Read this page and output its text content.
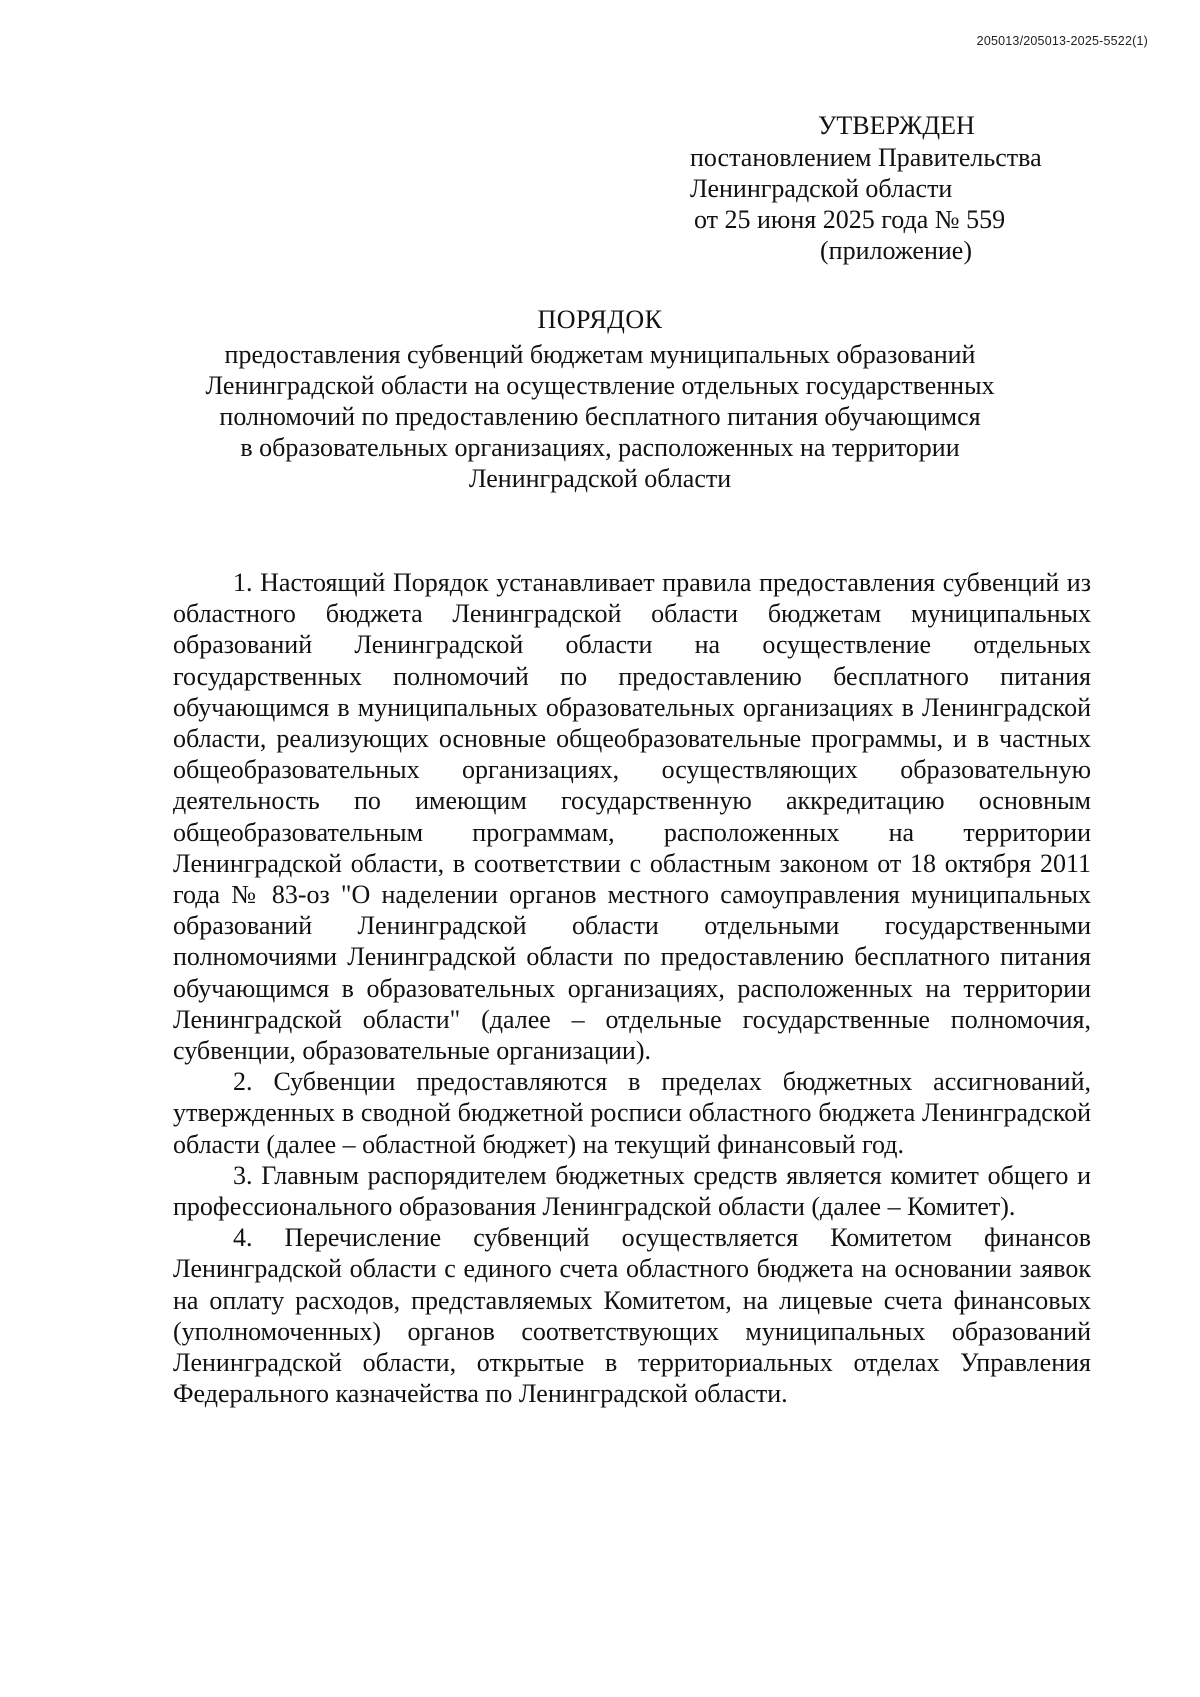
205013/205013-2025-5522(1)
УТВЕРЖДЕН
постановлением Правительства
Ленинградской области
от 25 июня 2025 года № 559
(приложение)
ПОРЯДОК
предоставления субвенций бюджетам муниципальных образований
Ленинградской области на осуществление отдельных государственных
полномочий по предоставлению бесплатного питания обучающимся
в образовательных организациях, расположенных на территории
Ленинградской области

1. Настоящий Порядок устанавливает правила предоставления субвенций из областного бюджета Ленинградской области бюджетам муниципальных образований Ленинградской области на осуществление отдельных государственных полномочий по предоставлению бесплатного питания обучающимся в муниципальных образовательных организациях в Ленинградской области, реализующих основные общеобразовательные программы, и в частных общеобразовательных организациях, осуществляющих образовательную деятельность по имеющим государственную аккредитацию основным общеобразовательным программам, расположенных на территории Ленинградской области, в соответствии с областным законом от 18 октября 2011 года № 83-оз "О наделении органов местного самоуправления муниципальных образований Ленинградской области отдельными государственными полномочиями Ленинградской области по предоставлению бесплатного питания обучающимся в образовательных организациях, расположенных на территории Ленинградской области" (далее – отдельные государственные полномочия, субвенции, образовательные организации).

2. Субвенции предоставляются в пределах бюджетных ассигнований, утвержденных в сводной бюджетной росписи областного бюджета Ленинградской области (далее – областной бюджет) на текущий финансовый год.

3. Главным распорядителем бюджетных средств является комитет общего и профессионального образования Ленинградской области (далее – Комитет).

4. Перечисление субвенций осуществляется Комитетом финансов Ленинградской области с единого счета областного бюджета на основании заявок на оплату расходов, представляемых Комитетом, на лицевые счета финансовых (уполномоченных) органов соответствующих муниципальных образований Ленинградской области, открытые в территориальных отделах Управления Федерального казначейства по Ленинградской области.
